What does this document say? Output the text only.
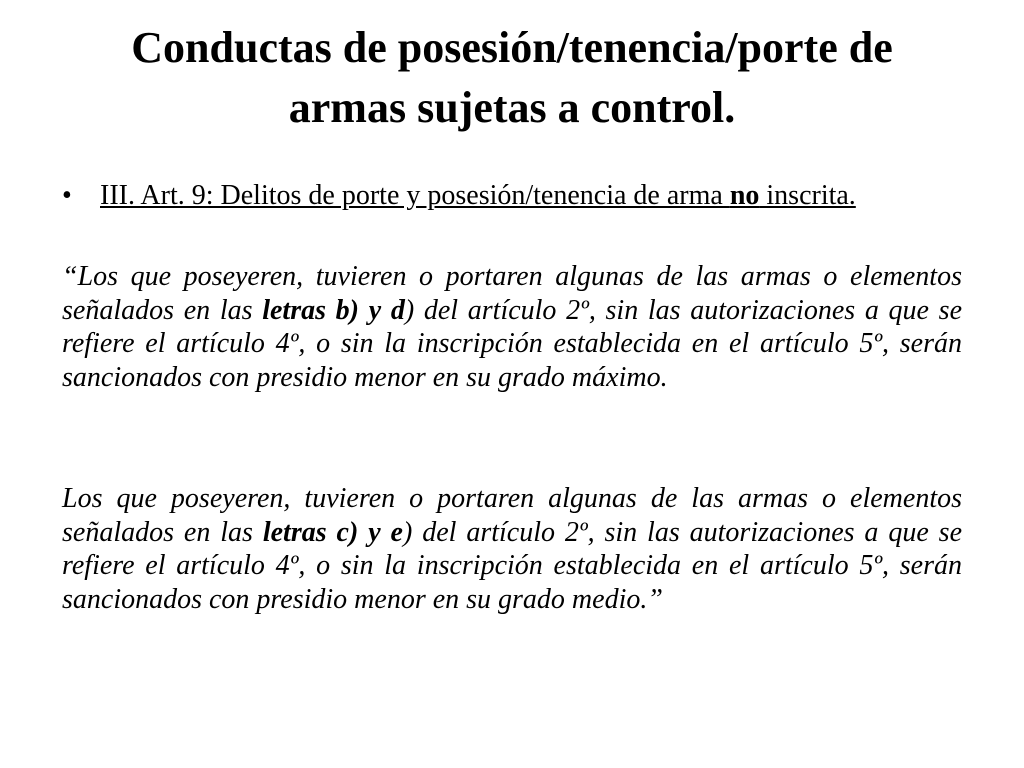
Conductas de posesión/tenencia/porte de
armas sujetas a control.
• III. Art. 9: Delitos de porte y posesión/tenencia de arma no inscrita.

“Los que poseyeren, tuvieren o portaren algunas de las armas o elementos señalados en las letras b) y d) del artículo 2º, sin las autorizaciones a que se refiere el artículo 4º, o sin la inscripción establecida en el artículo 5º, serán sancionados con presidio menor en su grado máximo.

Los que poseyeren, tuvieren o portaren algunas de las armas o elementos señalados en las letras c) y e) del artículo 2º, sin las autorizaciones a que se refiere el artículo 4º, o sin la inscripción establecida en el artículo 5º, serán sancionados con presidio menor en su grado medio.”
